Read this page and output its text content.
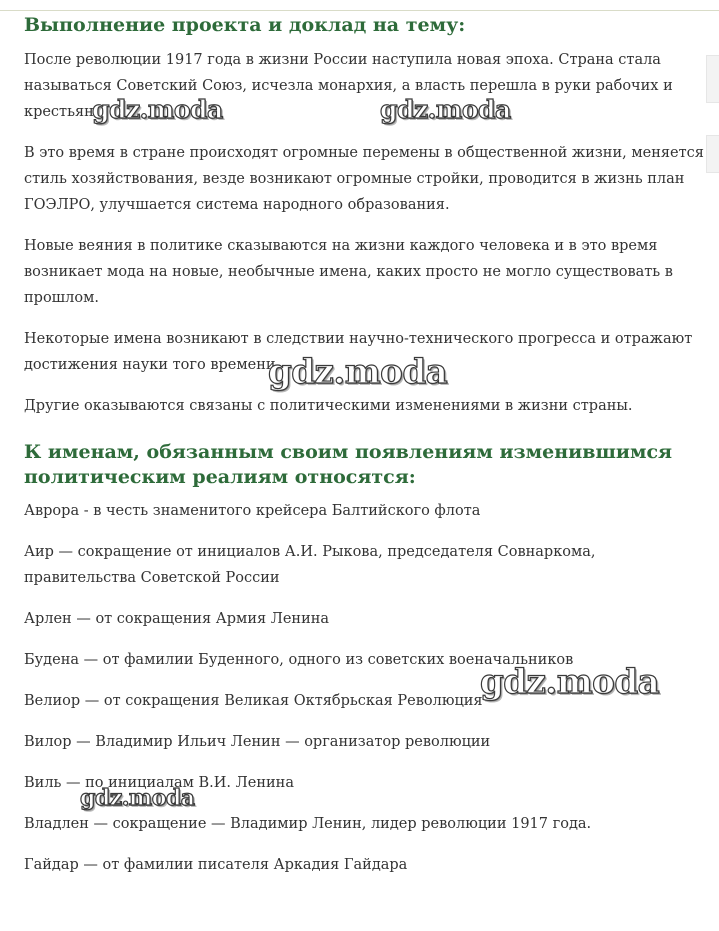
Выполнение проекта и доклад на тему:

После революции 1917 года в жизни России наступила новая эпоха. Страна стала называться Советский Союз, исчезла монархия, а власть перешла в руки рабочих и крестьян.

В это время в стране происходят огромные перемены в общественной жизни, меняется стиль хозяйствования, везде возникают огромные стройки, проводится в жизнь план ГОЭЛРО, улучшается система народного образования.

Новые веяния в политике сказываются на жизни каждого человека и в это время возникает мода на новые, необычные имена, каких просто не могло существовать в прошлом.

Некоторые имена возникают в следствии научно-технического прогресса и отражают достижения науки того времени.

Другие оказываются связаны с политическими изменениями в жизни страны.

К именам, обязанным своим появлениям изменившимся политическим реалиям относятся:

Аврора - в честь знаменитого крейсера Балтийского флота

Аир — сокращение от инициалов А.И. Рыкова, председателя Совнаркома, правительства Советской России

Арлен — от сокращения Армия Ленина

Будена — от фамилии Буденного, одного из советских военачальников

Велиор — от сокращения Великая Октябрьская Революция

Вилор — Владимир Ильич Ленин — организатор революции

Виль — по инициалам В.И. Ленина

Владлен — сокращение — Владимир Ленин, лидер революции 1917 года.

Гайдар — от фамилии писателя Аркадия Гайдара

gdz.moda	gdz.moda
gdz.moda
gdz.moda
gdz.moda
